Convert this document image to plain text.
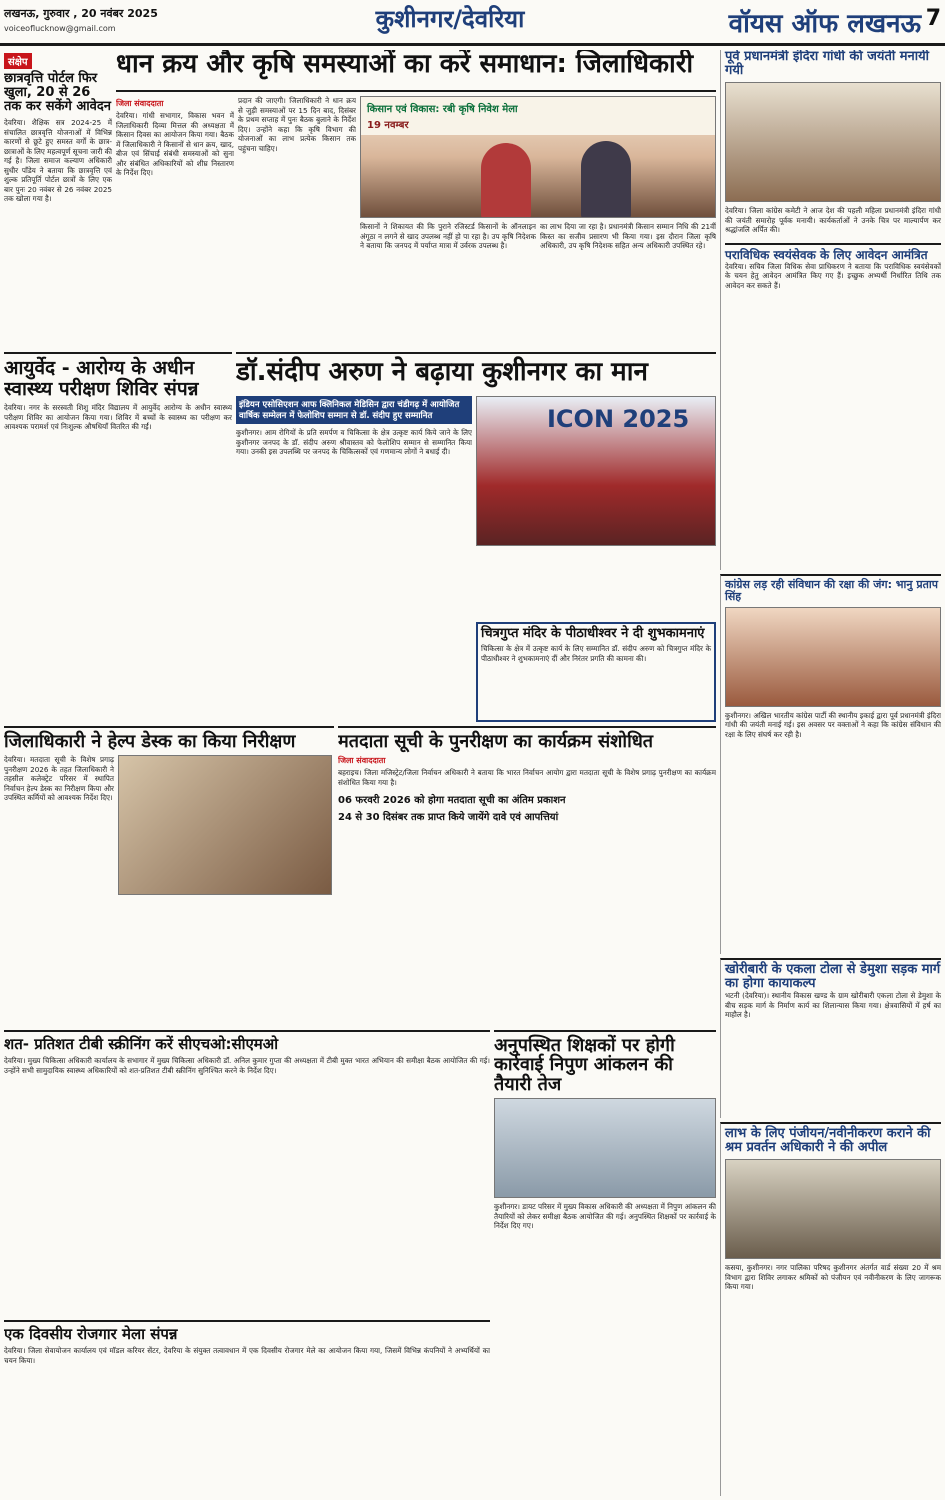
लखनऊ, गुरुवार , 20 नवंबर 2025
voiceoflucknow@gmail.com	कुशीनगर/देवरिया	वॉयस ऑफ लखनऊ 7
संक्षेप
छात्रवृत्ति पोर्टल फिर खुला, 20 से 26 तक कर सकेंगे आवेदन
देवरिया। शैक्षिक सत्र 2024-25 में संचालित छात्रवृत्ति योजनाओं में विभिन्न कारणों से छूटे हुए समस्त वर्गों के छात्र-छात्राओं के लिए महत्वपूर्ण सूचना जारी की गई है। जिला समाज कल्याण अधिकारी सुधीर पाँडेय ने बताया कि छात्रवृत्ति एवं शुल्क प्रतिपूर्ति पोर्टल छात्रों के लिए एक बार पुनः 20 नवंबर से 26 नवंबर 2025 तक खोला गया है।
धान क्रय और कृषि समस्याओं का करें समाधान: जिलाधिकारी
किसान एवं विकास: रबी कृषि निवेश मेला
19 नवम्बर
जिला संवाददाता
देवरिया। गांधी सभागार, विकास भवन में जिलाधिकारी दिव्या मित्तल की अध्यक्षता में किसान दिवस का आयोजन किया गया। बैठक में जिलाधिकारी ने किसानों से धान क्रय, खाद, बीज एवं सिंचाई संबंधी समस्याओं को सुना और संबंधित अधिकारियों को शीघ्र निस्तारण के निर्देश दिए।
प्रदान की जाएगी। जिलाधिकारी ने धान क्रय से जुड़ी समस्याओं पर 15 दिन बाद, दिसंबर के प्रथम सप्ताह में पुनः बैठक बुलाने के निर्देश दिए। उन्होंने कहा कि कृषि विभाग की योजनाओं का लाभ प्रत्येक किसान तक पहुंचना चाहिए।
किसानों ने शिकायत की कि पुराने रजिस्टर्ड किसानों के ऑनलाइन अंगूठा न लगने से खाद उपलब्ध नहीं हो पा रहा है। उप कृषि निदेशक ने बताया कि जनपद में पर्याप्त मात्रा में उर्वरक उपलब्ध है।
का लाभ दिया जा रहा है। प्रधानमंत्री किसान सम्मान निधि की 21वीं किस्त का सजीव प्रसारण भी किया गया। इस दौरान जिला कृषि अधिकारी, उप कृषि निदेशक सहित अन्य अधिकारी उपस्थित रहे।
आयुर्वेद - आरोग्य के अधीन स्वास्थ्य परीक्षण शिविर संपन्न
देवरिया। नगर के सरस्वती शिशु मंदिर विद्यालय में आयुर्वेद आरोग्य के अधीन स्वास्थ्य परीक्षण शिविर का आयोजन किया गया। शिविर में बच्चों के स्वास्थ्य का परीक्षण कर आवश्यक परामर्श एवं निःशुल्क औषधियाँ वितरित की गईं।
डॉ.संदीप अरुण ने बढ़ाया कुशीनगर का मान
इंडियन एसोसिएशन आफ क्लिनिकल मेडिसिन द्वारा चंडीगढ़ में आयोजित वार्षिक सम्मेलन में फेलोशिप सम्मान से डॉ. संदीप हुए सम्मानित
कुशीनगर। आम रोगियों के प्रति समर्पण व चिकित्सा के क्षेत्र उत्कृष्ट कार्य किये जाने के लिए कुशीनगर जनपद के डॉ. संदीप अरुण श्रीवास्तव को फेलोशिप सम्मान से सम्मानित किया गया। उनकी इस उपलब्धि पर जनपद के चिकित्सकों एवं गणमान्य लोगों ने बधाई दी।
ICON 2025
चित्रगुप्त मंदिर के पीठाधीश्वर ने दी शुभकामनाएं
चिकित्सा के क्षेत्र में उत्कृष्ट कार्य के लिए सम्मानित डॉ. संदीप अरुण को चित्रगुप्त मंदिर के पीठाधीश्वर ने शुभकामनाएं दीं और निरंतर प्रगति की कामना की।
जिलाधिकारी ने हेल्प डेस्क का किया निरीक्षण
देवरिया। मतदाता सूची के विशेष प्रगाढ़ पुनरीक्षण 2026 के तहत जिलाधिकारी ने तहसील कलेक्ट्रेट परिसर में स्थापित निर्वाचन हेल्प डेस्क का निरीक्षण किया और उपस्थित कर्मियों को आवश्यक निर्देश दिए।
मतदाता सूची के पुनरीक्षण का कार्यक्रम संशोधित
जिला संवाददाता
बहराइच। जिला मजिस्ट्रेट/जिला निर्वाचन अधिकारी ने बताया कि भारत निर्वाचन आयोग द्वारा मतदाता सूची के विशेष प्रगाढ़ पुनरीक्षण का कार्यक्रम संशोधित किया गया है।
06 फरवरी 2026 को होगा मतदाता सूची का अंतिम प्रकाशन
24 से 30 दिसंबर तक प्राप्त किये जायेंगे दावे एवं आपत्तियां
शत- प्रतिशत टीबी स्क्रीनिंग करें सीएचओ:सीएमओ
देवरिया। मुख्य चिकित्सा अधिकारी कार्यालय के सभागार में मुख्य चिकित्सा अधिकारी डॉ. अनिल कुमार गुप्ता की अध्यक्षता में टीबी मुक्त भारत अभियान की समीक्षा बैठक आयोजित की गई। उन्होंने सभी सामुदायिक स्वास्थ्य अधिकारियों को शत-प्रतिशत टीबी स्क्रीनिंग सुनिश्चित करने के निर्देश दिए।
एक दिवसीय रोजगार मेला संपन्न
देवरिया। जिला सेवायोजन कार्यालय एवं मॉडल करियर सेंटर, देवरिया के संयुक्त तत्वावधान में एक दिवसीय रोजगार मेले का आयोजन किया गया, जिसमें विभिन्न कंपनियों ने अभ्यर्थियों का चयन किया।
अनुपस्थित शिक्षकों पर होगी कार्रवाई निपुण आंकलन की तैयारी तेज
कुशीनगर। डायट परिसर में मुख्य विकास अधिकारी की अध्यक्षता में निपुण आंकलन की तैयारियों को लेकर समीक्षा बैठक आयोजित की गई। अनुपस्थित शिक्षकों पर कार्रवाई के निर्देश दिए गए।
पूर्व प्रधानमंत्री इंदिरा गांधी की जयंती मनायी गयी
देवरिया। जिला कांग्रेस कमेटी ने आज देश की पहली महिला प्रधानमंत्री इंदिरा गांधी की जयंती समारोह पूर्वक मनायी। कार्यकर्ताओं ने उनके चित्र पर माल्यार्पण कर श्रद्धांजलि अर्पित की।
पराविधिक स्वयंसेवक के लिए आवेदन आमंत्रित
देवरिया। सचिव जिला विधिक सेवा प्राधिकरण ने बताया कि पराविधिक स्वयंसेवकों के चयन हेतु आवेदन आमंत्रित किए गए हैं। इच्छुक अभ्यर्थी निर्धारित तिथि तक आवेदन कर सकते हैं।
कांग्रेस लड़ रही संविधान की रक्षा की जंग: भानु प्रताप सिंह
कुशीनगर। अखिल भारतीय कांग्रेस पार्टी की स्थानीय इकाई द्वारा पूर्व प्रधानमंत्री इंदिरा गांधी की जयंती मनाई गई। इस अवसर पर वक्ताओं ने कहा कि कांग्रेस संविधान की रक्षा के लिए संघर्ष कर रही है।
खोरीबारी के एकला टोला से डेमुशा सड़क मार्ग का होगा कायाकल्प
भटनी (देवरिया)। स्थानीय विकास खण्ड के ग्राम खोरीबारी एकला टोला से डेमुशा के बीच सड़क मार्ग के निर्माण कार्य का शिलान्यास किया गया। क्षेत्रवासियों में हर्ष का माहौल है।
लाभ के लिए पंजीयन/नवीनीकरण कराने की श्रम प्रवर्तन अधिकारी ने की अपील
कसया, कुशीनगर। नगर पालिका परिषद कुशीनगर अंतर्गत वार्ड संख्या 20 में श्रम विभाग द्वारा शिविर लगाकर श्रमिकों को पंजीयन एवं नवीनीकरण के लिए जागरूक किया गया।
